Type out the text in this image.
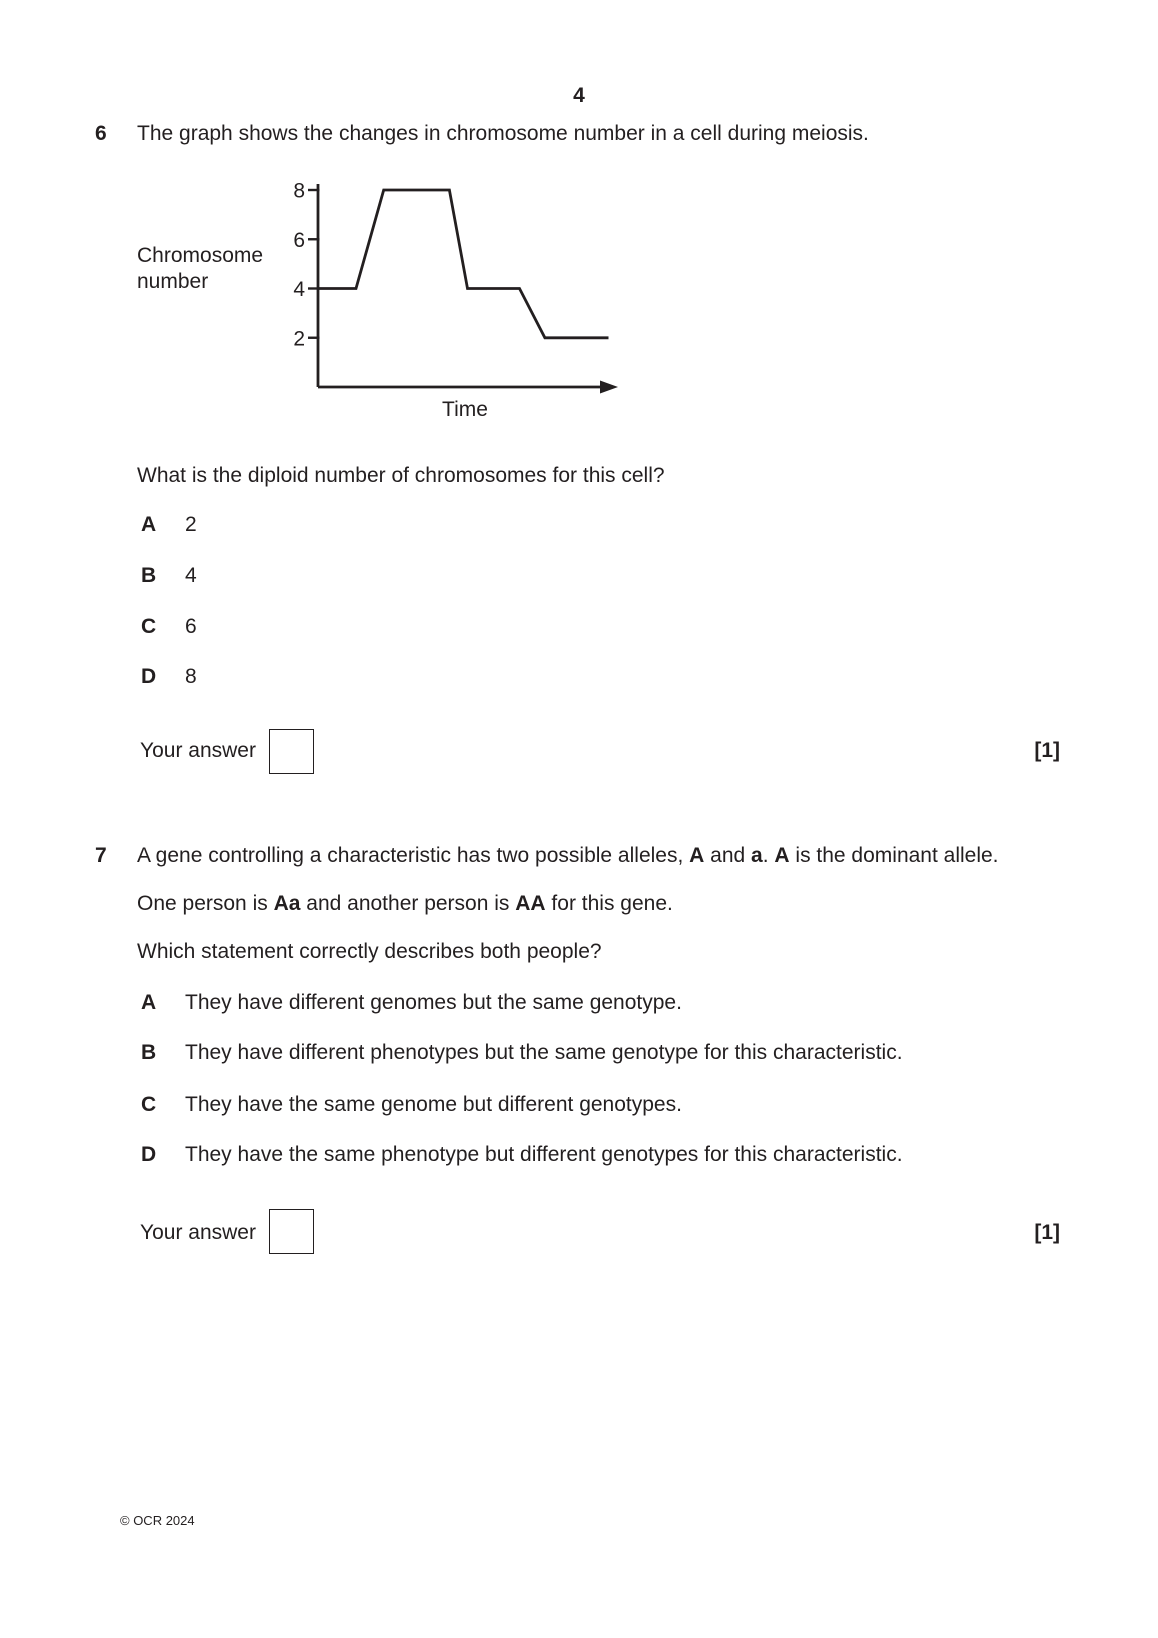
4
6 The graph shows the changes in chromosome number in a cell during meiosis.
2
4
6
8
Chromosome number
Time
What is the diploid number of chromosomes for this cell?
A 2
B 4
C 6
D 8
Your answer	[1]
7 A gene controlling a characteristic has two possible alleles, A and a. A is the dominant allele.
One person is Aa and another person is AA for this gene.
Which statement correctly describes both people?
A They have different genomes but the same genotype.
B They have different phenotypes but the same genotype for this characteristic.
C They have the same genome but different genotypes.
D They have the same phenotype but different genotypes for this characteristic.
Your answer	[1]
© OCR 2024
